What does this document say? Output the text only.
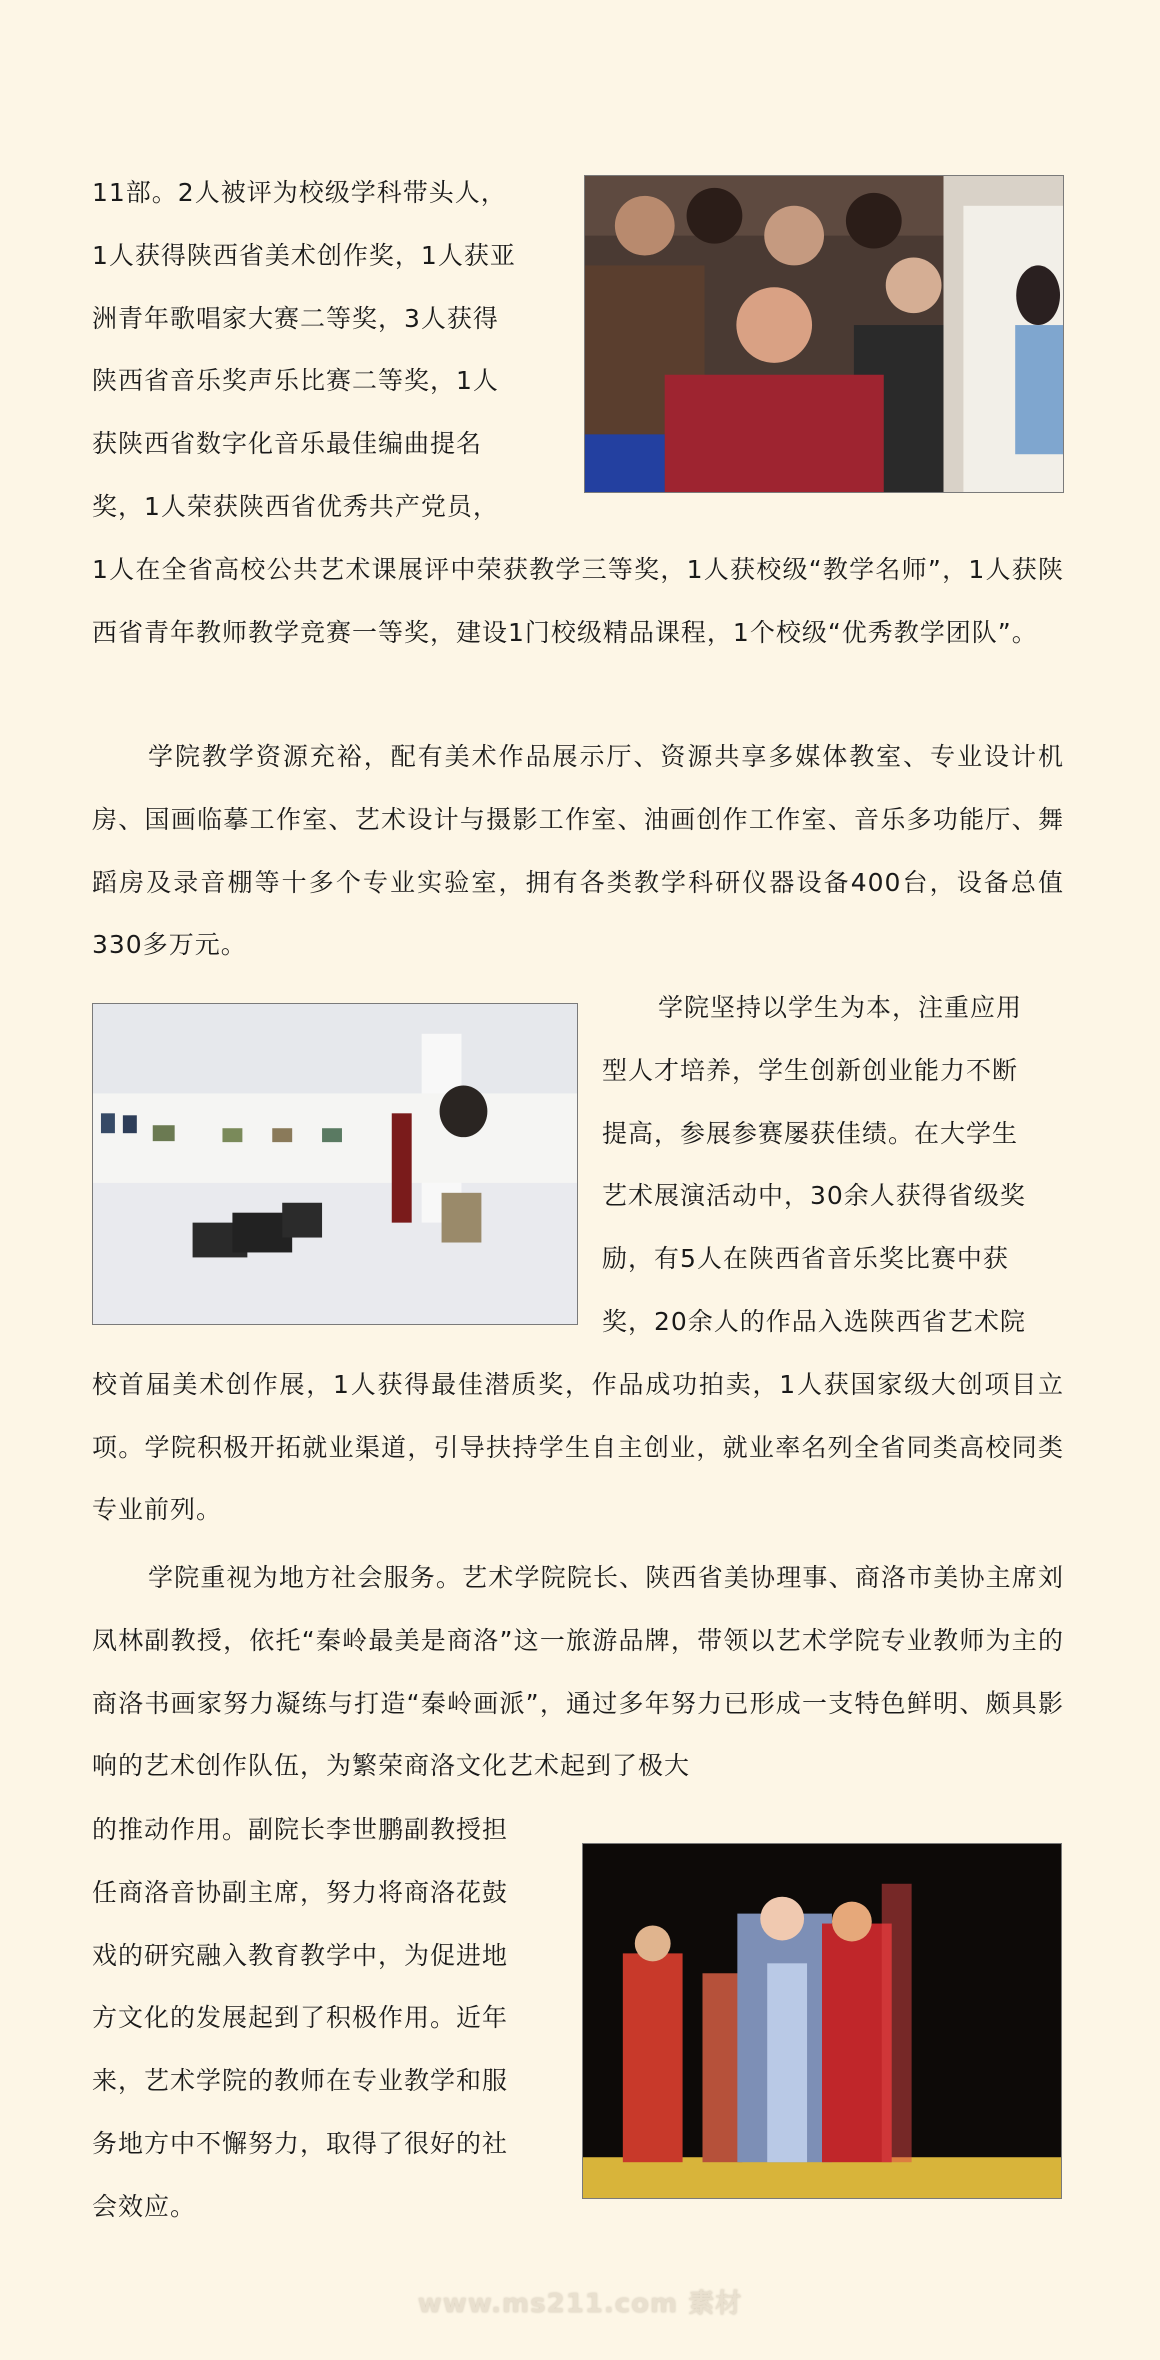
11部。2人被评为校级学科带头人，
1人获得陕西省美术创作奖，1人获亚
洲青年歌唱家大赛二等奖，3人获得
陕西省音乐奖声乐比赛二等奖，1人
获陕西省数字化音乐最佳编曲提名
奖，1人荣获陕西省优秀共产党员，
1人在全省高校公共艺术课展评中荣获教学三等奖，1人获校级“教学名师”，1人获陕西省青年教师教学竞赛一等奖，建设1门校级精品课程，1个校级“优秀教学团队”。
学院教学资源充裕，配有美术作品展示厅、资源共享多媒体教室、专业设计机房、国画临摹工作室、艺术设计与摄影工作室、油画创作工作室、音乐多功能厅、舞蹈房及录音棚等十多个专业实验室，拥有各类教学科研仪器设备400台，设备总值330多万元。
学院坚持以学生为本，注重应用
型人才培养，学生创新创业能力不断
提高，参展参赛屡获佳绩。在大学生
艺术展演活动中，30余人获得省级奖
励，有5人在陕西省音乐奖比赛中获
奖，20余人的作品入选陕西省艺术院
校首届美术创作展，1人获得最佳潜质奖，作品成功拍卖，1人获国家级大创项目立项。学院积极开拓就业渠道，引导扶持学生自主创业，就业率名列全省同类高校同类专业前列。
学院重视为地方社会服务。艺术学院院长、陕西省美协理事、商洛市美协主席刘凤林副教授，依托“秦岭最美是商洛”这一旅游品牌，带领以艺术学院专业教师为主的商洛书画家努力凝练与打造“秦岭画派”，通过多年努力已形成一支特色鲜明、颇具影响的艺术创作队伍，为繁荣商洛文化艺术起到了极大
的推动作用。副院长李世鹏副教授担
任商洛音协副主席，努力将商洛花鼓
戏的研究融入教育教学中，为促进地
方文化的发展起到了积极作用。近年
来，艺术学院的教师在专业教学和服
务地方中不懈努力，取得了很好的社
会效应。
www.ms211.com 素材
